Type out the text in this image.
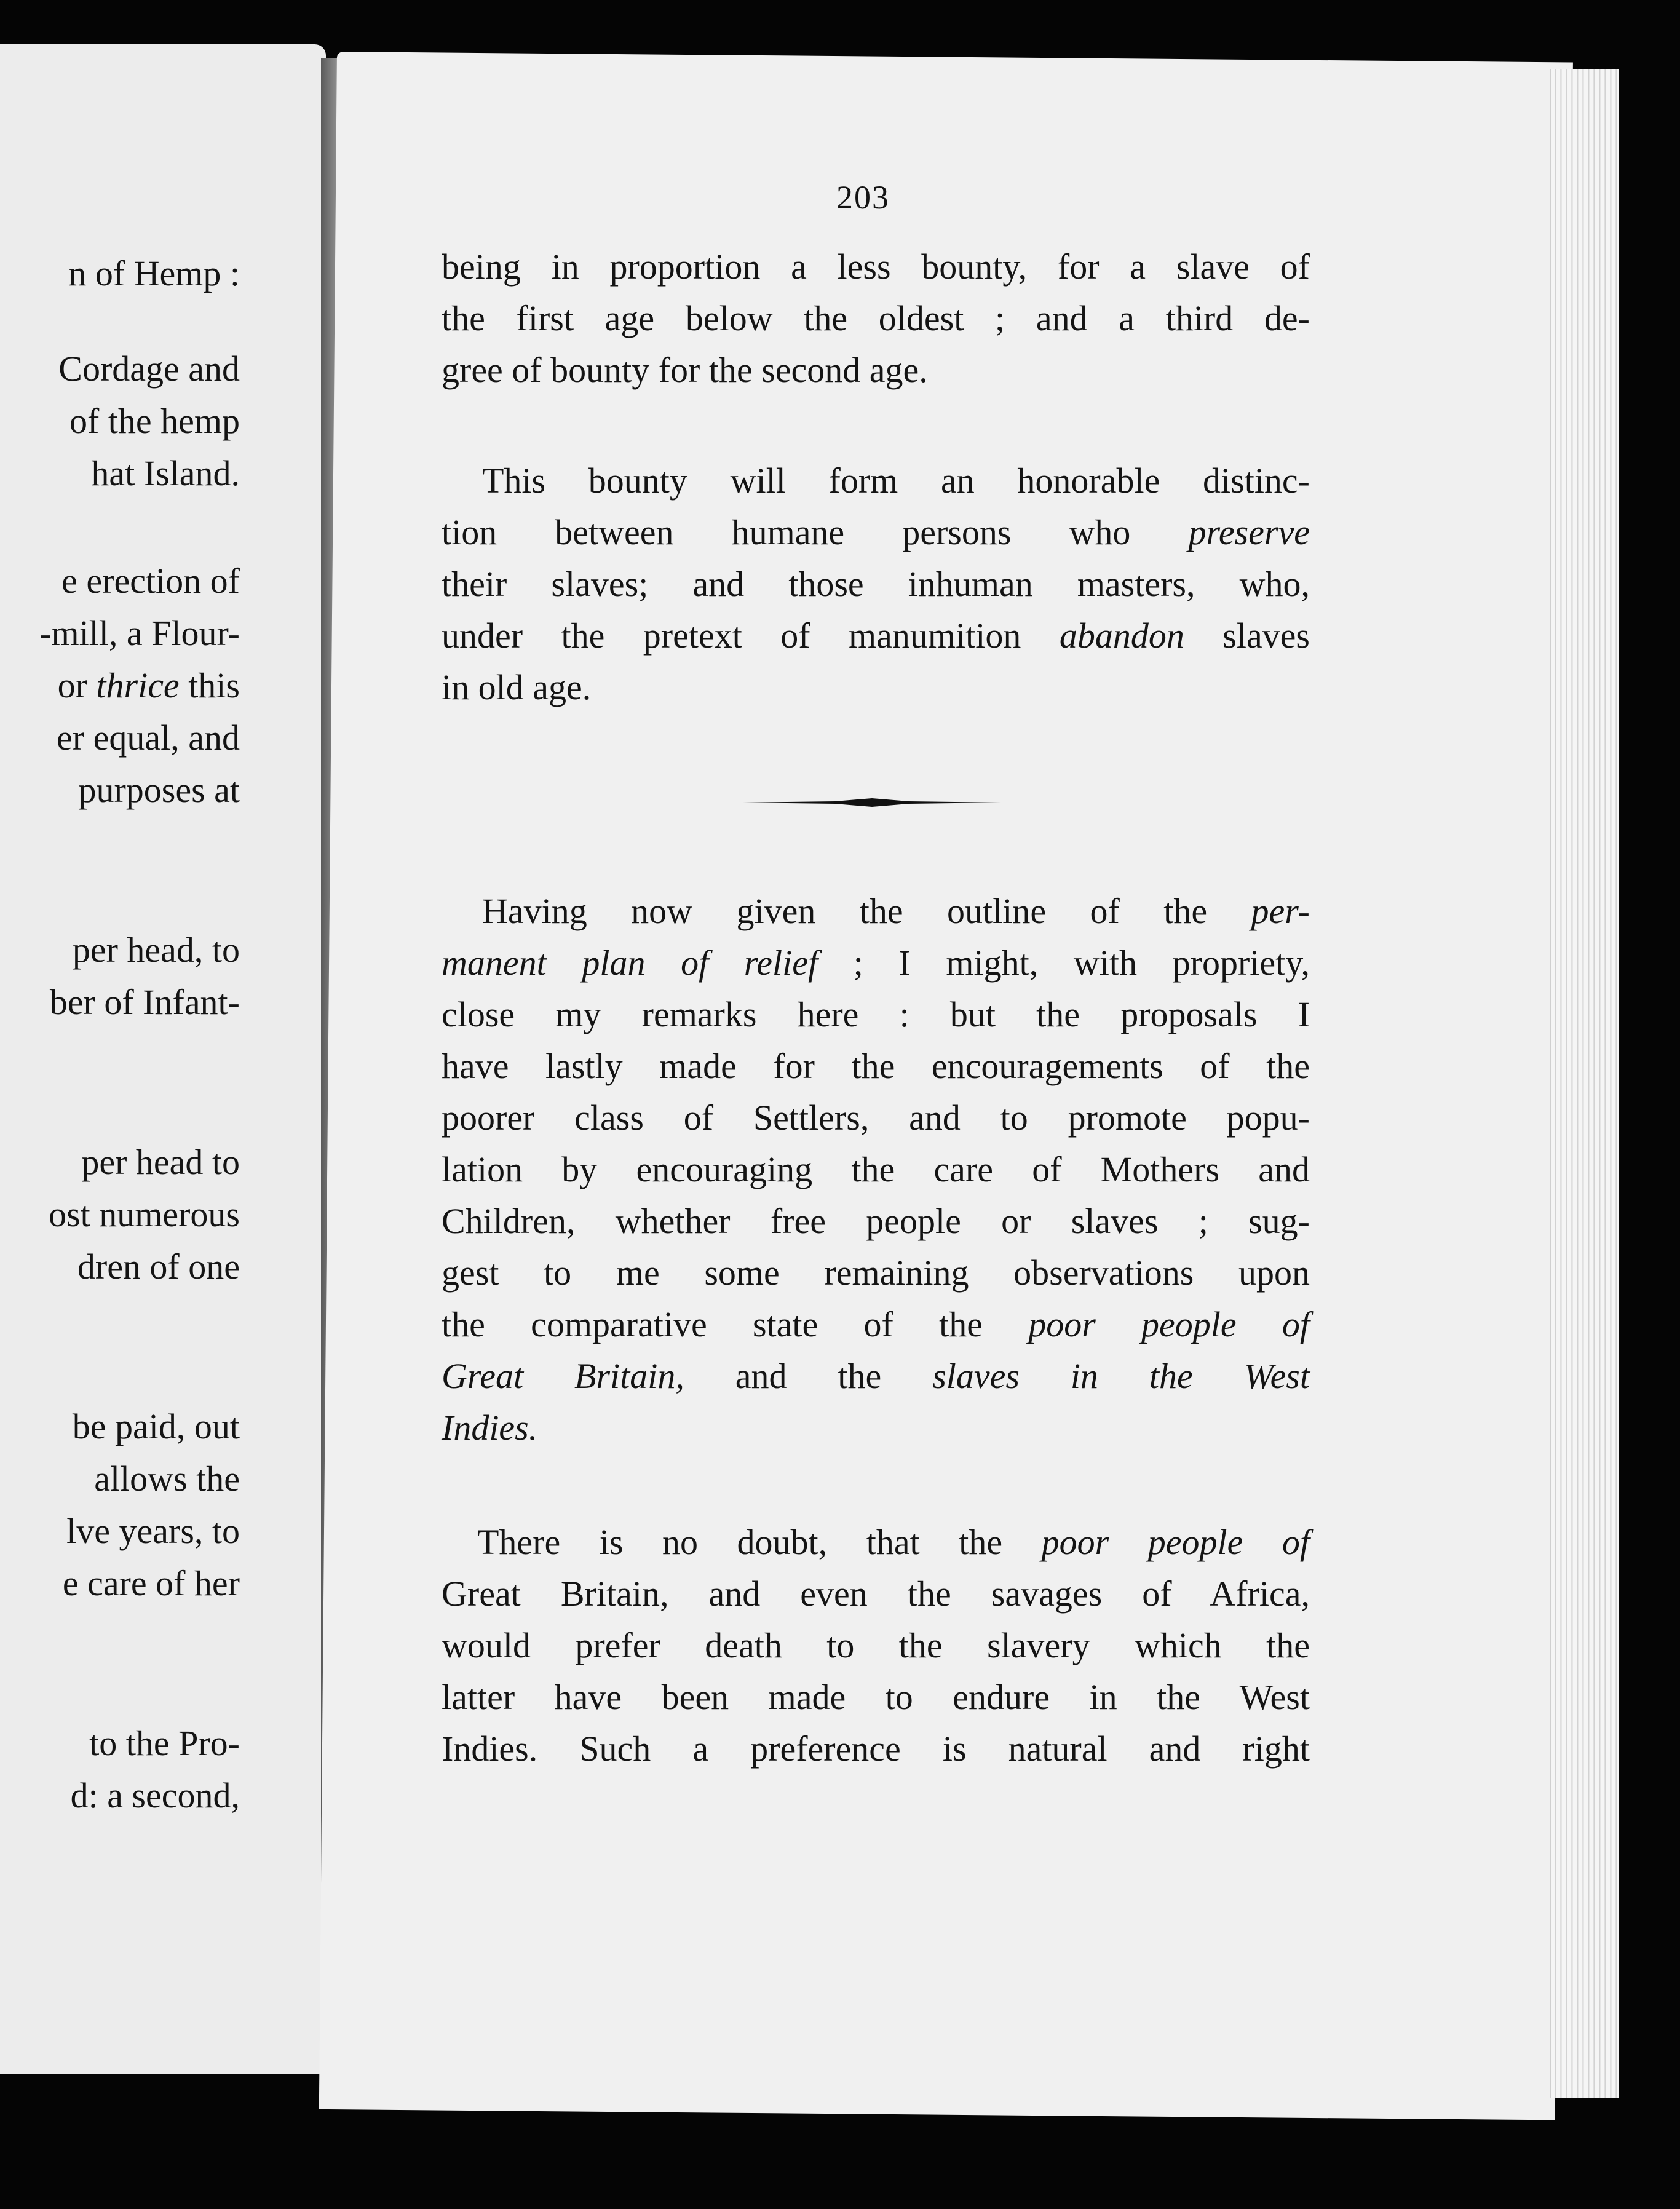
n of Hemp :
Cordage and
of the hemp
hat Island.
e erection of
-mill, a Flour-
or thrice this
er equal, and
purposes at
per head, to
ber of Infant-
per head to
ost numerous
dren of one
be paid, out
allows the
lve years, to
e care of her
to the Pro-
d: a second,
203
being in proportion a less bounty, for a slave of
the first age below the oldest ; and a third de-
gree of bounty for the second age.
This bounty will form an honorable distinc-
tion between humane persons who preserve
their slaves; and those inhuman masters, who,
under the pretext of manumition abandon slaves
in old age.
Having now given the outline of the per-
manent plan of relief ; I might, with propriety,
close my remarks here : but the proposals I
have lastly made for the encouragements of the
poorer class of Settlers, and to promote popu-
lation by encouraging the care of Mothers and
Children, whether free people or slaves ; sug-
gest to me some remaining observations upon
the comparative state of the poor people of
Great Britain, and the slaves in the West
Indies.
There is no doubt, that the poor people of
Great Britain, and even the savages of Africa,
would prefer death to the slavery which the
latter have been made to endure in the West
Indies. Such a preference is natural and right
